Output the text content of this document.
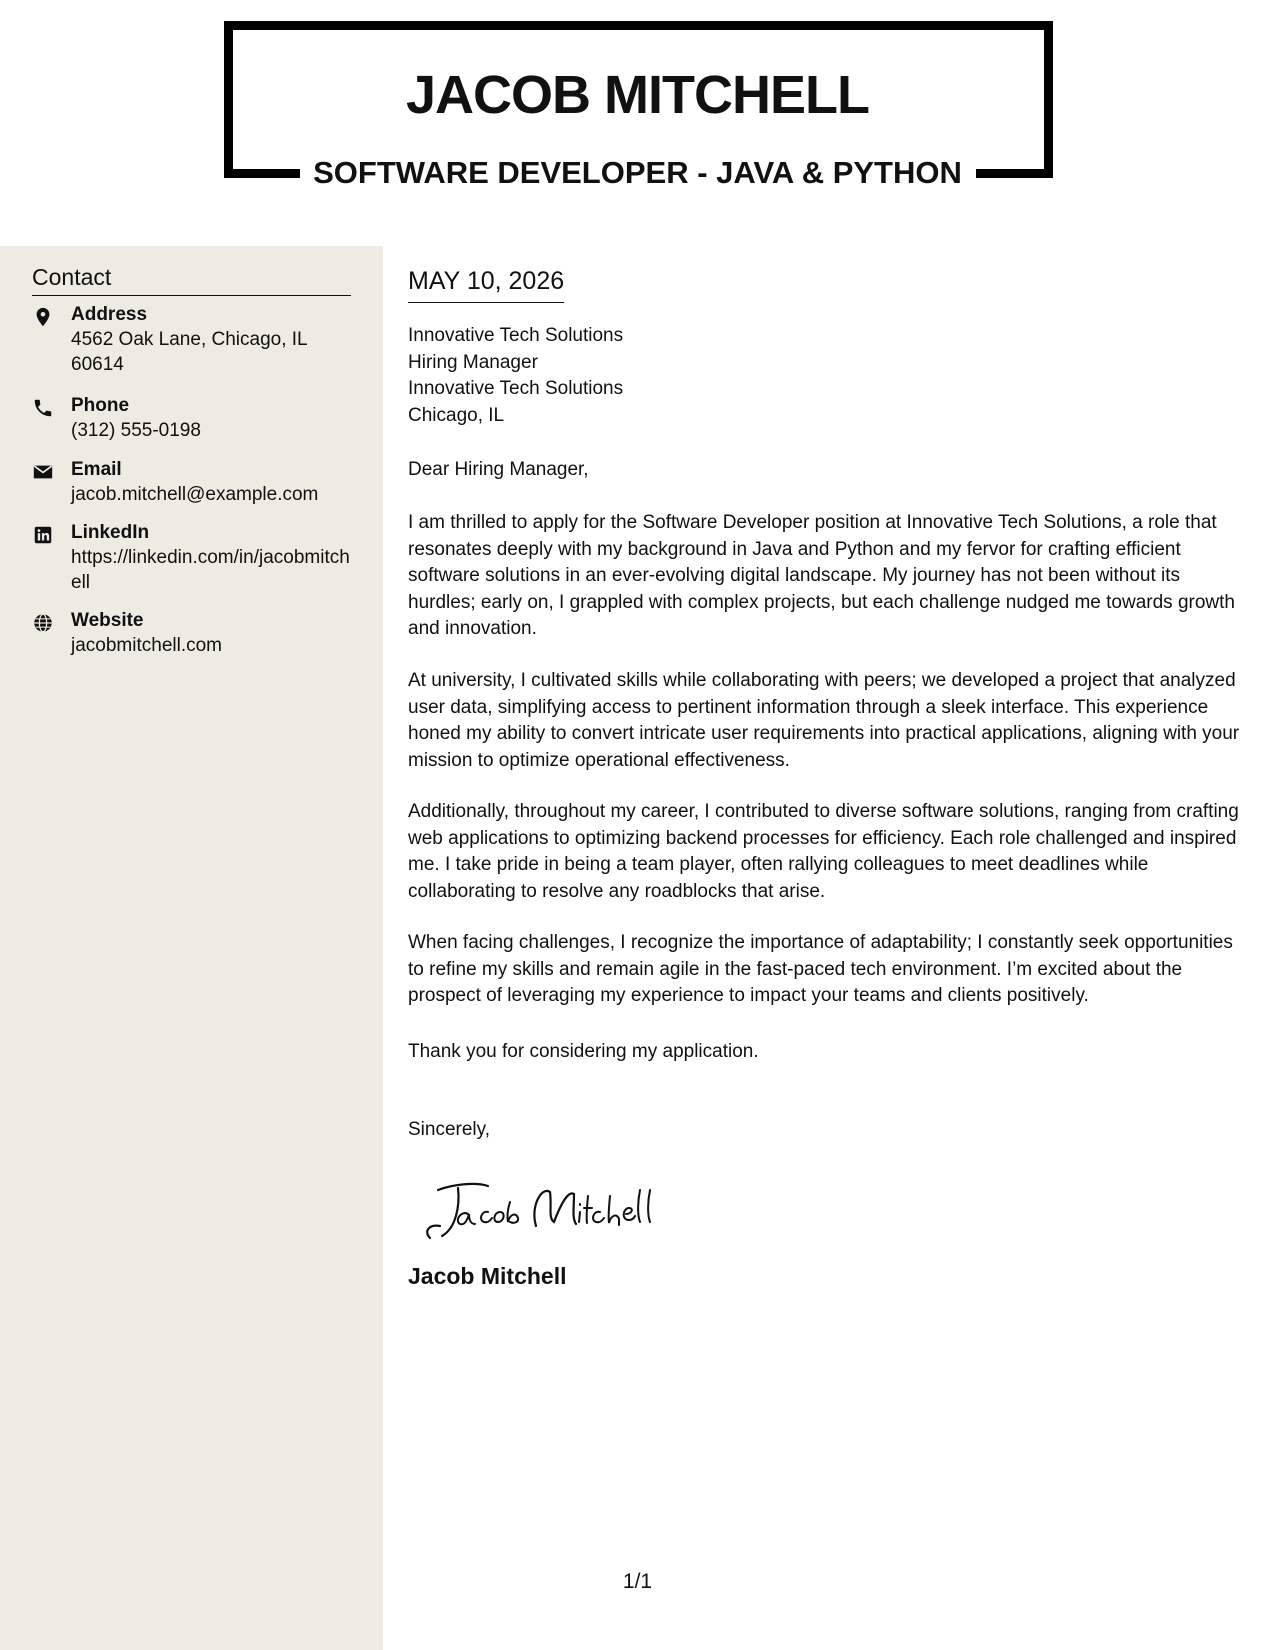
JACOB MITCHELL
SOFTWARE DEVELOPER - JAVA & PYTHON
Contact
Address
4562 Oak Lane, Chicago, IL 60614
Phone
(312) 555-0198
Email
jacob.mitchell@example.com
LinkedIn
https://linkedin.com/in/jacobmitchell
Website
jacobmitchell.com
MAY 10, 2026
Innovative Tech Solutions
Hiring Manager
Innovative Tech Solutions
Chicago, IL
Dear Hiring Manager,
I am thrilled to apply for the Software Developer position at Innovative Tech Solutions, a role that resonates deeply with my background in Java and Python and my fervor for crafting efficient software solutions in an ever-evolving digital landscape. My journey has not been without its hurdles; early on, I grappled with complex projects, but each challenge nudged me towards growth and innovation.
At university, I cultivated skills while collaborating with peers; we developed a project that analyzed user data, simplifying access to pertinent information through a sleek interface. This experience honed my ability to convert intricate user requirements into practical applications, aligning with your mission to optimize operational effectiveness.
Additionally, throughout my career, I contributed to diverse software solutions, ranging from crafting web applications to optimizing backend processes for efficiency. Each role challenged and inspired me. I take pride in being a team player, often rallying colleagues to meet deadlines while collaborating to resolve any roadblocks that arise.
When facing challenges, I recognize the importance of adaptability; I constantly seek opportunities to refine my skills and remain agile in the fast-paced tech environment. I’m excited about the prospect of leveraging my experience to impact your teams and clients positively.
Thank you for considering my application.
Sincerely,
Jacob Mitchell
1/1
